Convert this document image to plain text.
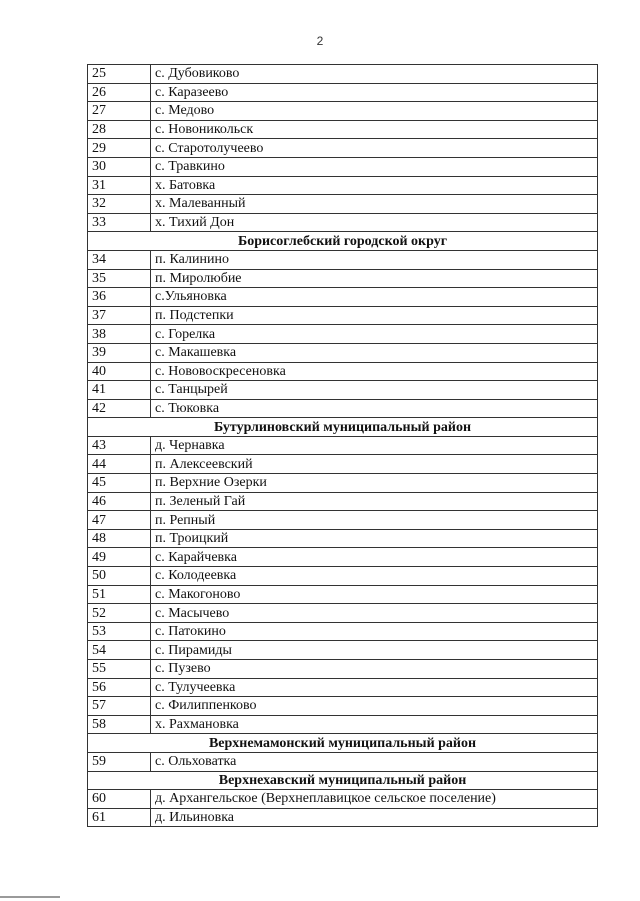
2
25	с. Дубовиково
26	с. Каразеево
27	с. Медово
28	с. Новоникольск
29	с. Старотолучеево
30	с. Травкино
31	х. Батовка
32	х. Малеванный
33	х. Тихий Дон
Борисоглебский городской округ	
34	п. Калинино
35	п. Миролюбие
36	с.Ульяновка
37	п. Подстепки
38	с. Горелка
39	с. Макашевка
40	с. Нововоскресеновка
41	с. Танцырей
42	с. Тюковка
Бутурлиновский муниципальный район	
43	д. Чернавка
44	п. Алексеевский
45	п. Верхние Озерки
46	п. Зеленый Гай
47	п. Репный
48	п. Троицкий
49	с. Карайчевка
50	с. Колодеевка
51	с. Макогоново
52	с. Масычево
53	с. Патокино
54	с. Пирамиды
55	с. Пузево
56	с. Тулучеевка
57	с. Филиппенково
58	х. Рахмановка
Верхнемамонский муниципальный район	
59	с. Ольховатка
Верхнехавский муниципальный район	
60	д. Архангельское (Верхнеплавицкое сельское поселение)
61	д. Ильиновка
